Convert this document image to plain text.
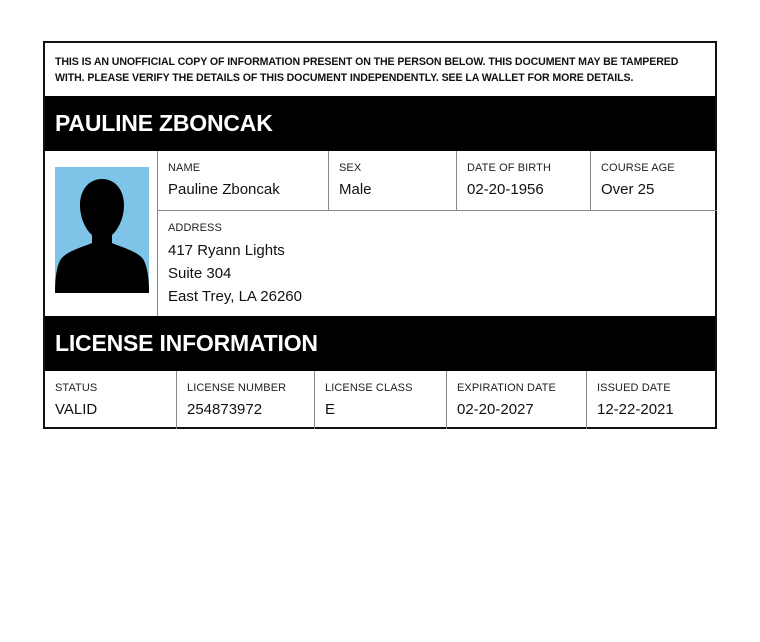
THIS IS AN UNOFFICIAL COPY OF INFORMATION PRESENT ON THE PERSON BELOW. THIS DOCUMENT MAY BE TAMPERED
WITH. PLEASE VERIFY THE DETAILS OF THIS DOCUMENT INDEPENDENTLY. SEE LA WALLET FOR MORE DETAILS.
PAULINE ZBONCAK
NAME
Pauline Zboncak
SEX
Male
DATE OF BIRTH
02-20-1956
COURSE AGE
Over 25
ADDRESS
417 Ryann Lights
Suite 304
East Trey, LA 26260
LICENSE INFORMATION
STATUS
VALID
LICENSE NUMBER
254873972
LICENSE CLASS
E
EXPIRATION DATE
02-20-2027
ISSUED DATE
12-22-2021
